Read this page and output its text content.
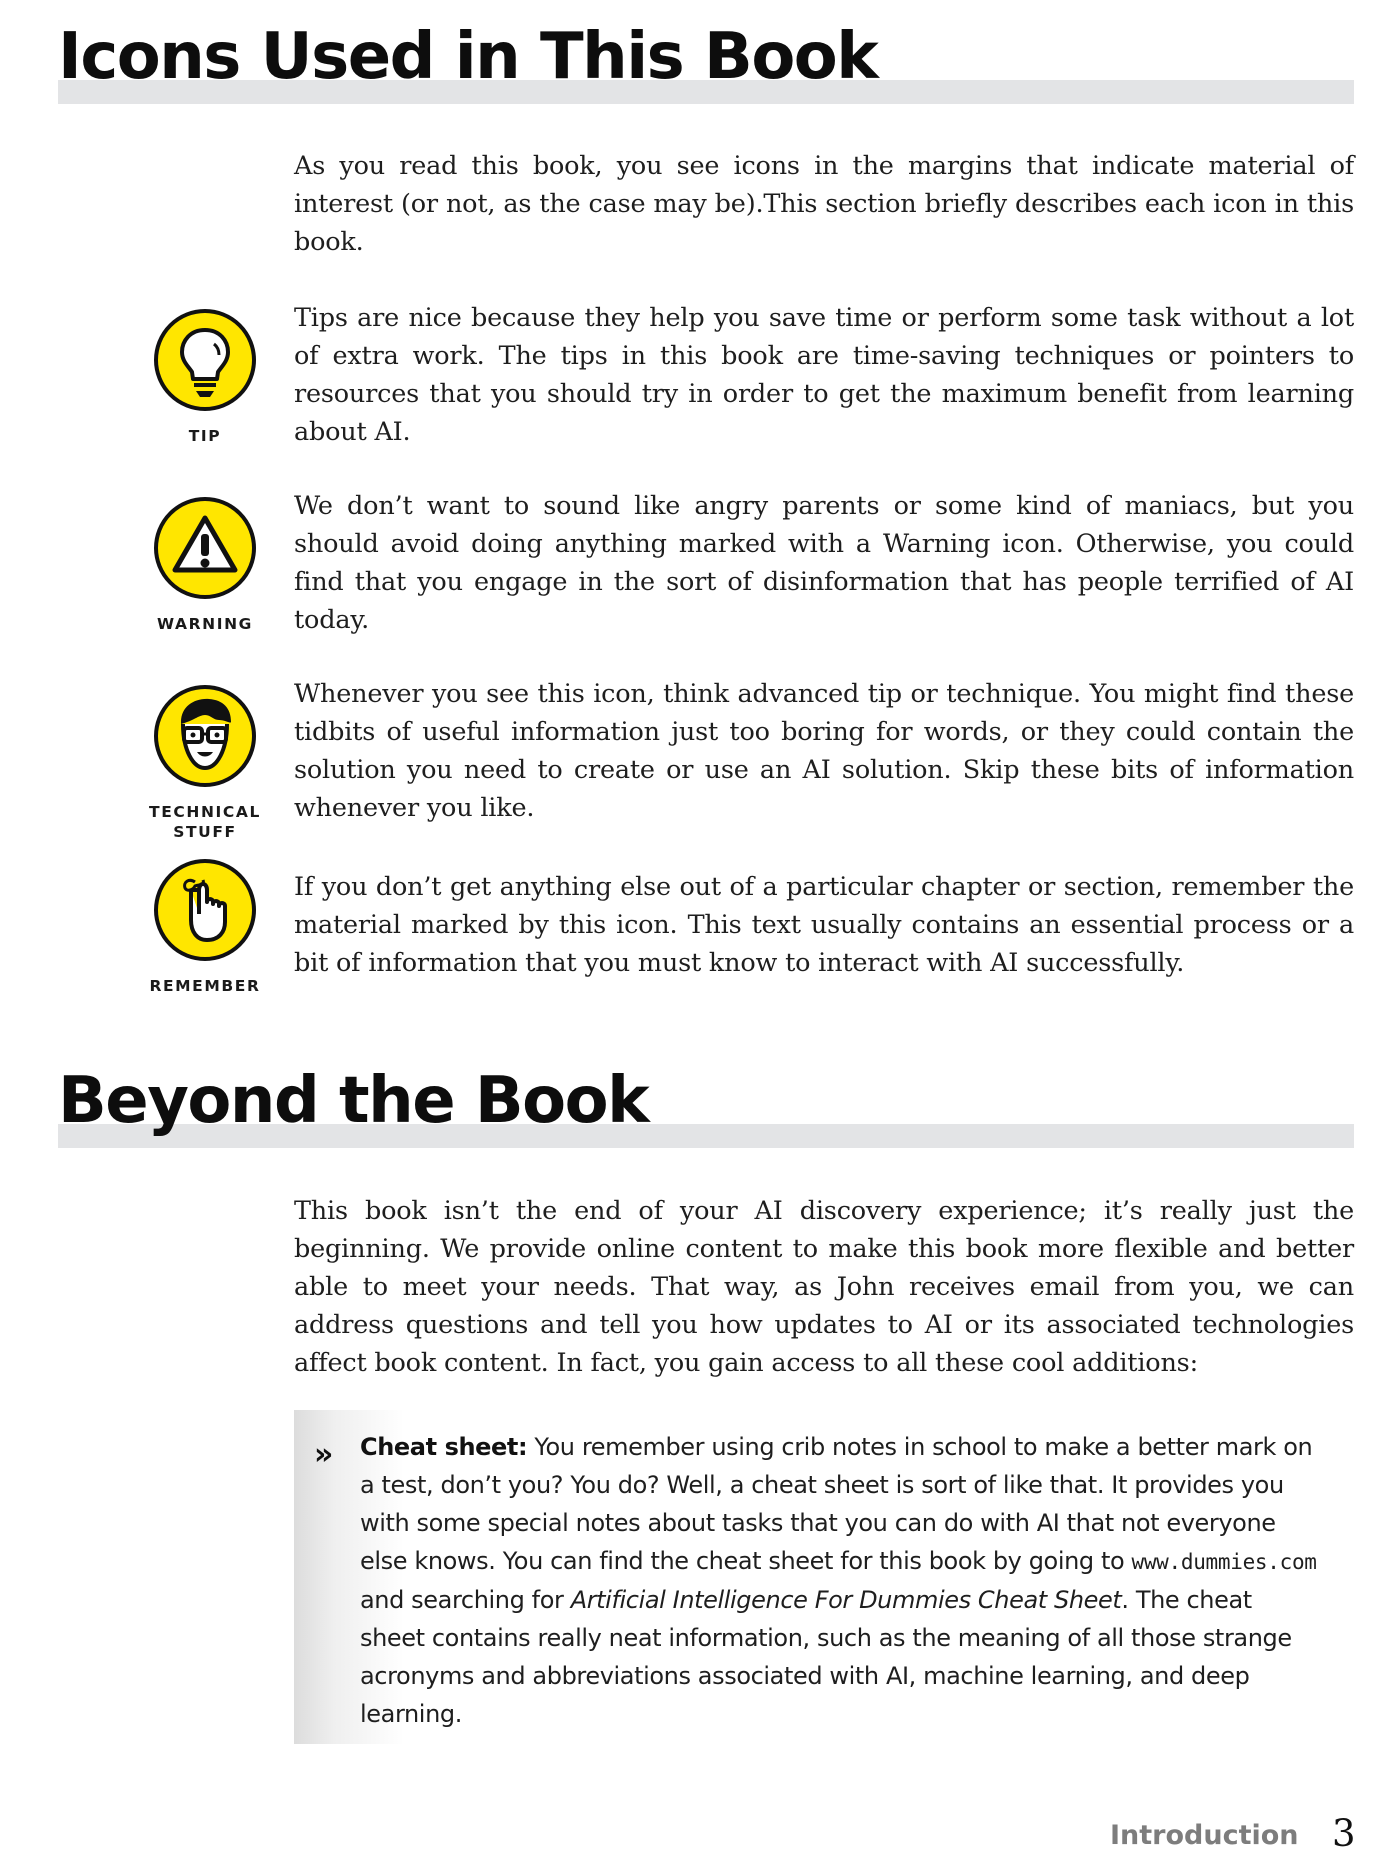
Icons Used in This Book

As you read this book, you see icons in the margins that indicate material of interest (or not, as the case may be).This section briefly describes each icon in this book.

TIP

Tips are nice because they help you save time or perform some task without a lot of extra work. The tips in this book are time-saving techniques or pointers to resources that you should try in order to get the maximum benefit from learning about AI.

WARNING

We don’t want to sound like angry parents or some kind of maniacs, but you should avoid doing anything marked with a Warning icon. Otherwise, you could find that you engage in the sort of disinformation that has people terrified of AI today.

TECHNICAL
STUFF

Whenever you see this icon, think advanced tip or technique. You might find these tidbits of useful information just too boring for words, or they could contain the solution you need to create or use an AI solution. Skip these bits of information whenever you like.

REMEMBER

If you don’t get anything else out of a particular chapter or section, remember the material marked by this icon. This text usually contains an essential process or a bit of information that you must know to interact with AI successfully.

Beyond the Book

This book isn’t the end of your AI discovery experience; it’s really just the beginning. We provide online content to make this book more flexible and better able to meet your needs. That way, as John receives email from you, we can address questions and tell you how updates to AI or its associated technologies affect book content. In fact, you gain access to all these cool additions:

» Cheat sheet: You remember using crib notes in school to make a better mark on a test, don’t you? You do? Well, a cheat sheet is sort of like that. It provides you with some special notes about tasks that you can do with AI that not everyone else knows. You can find the cheat sheet for this book by going to www.dummies.com and searching for Artificial Intelligence For Dummies Cheat Sheet. The cheat sheet contains really neat information, such as the meaning of all those strange acronyms and abbreviations associated with AI, machine learning, and deep learning.
Introduction 3
